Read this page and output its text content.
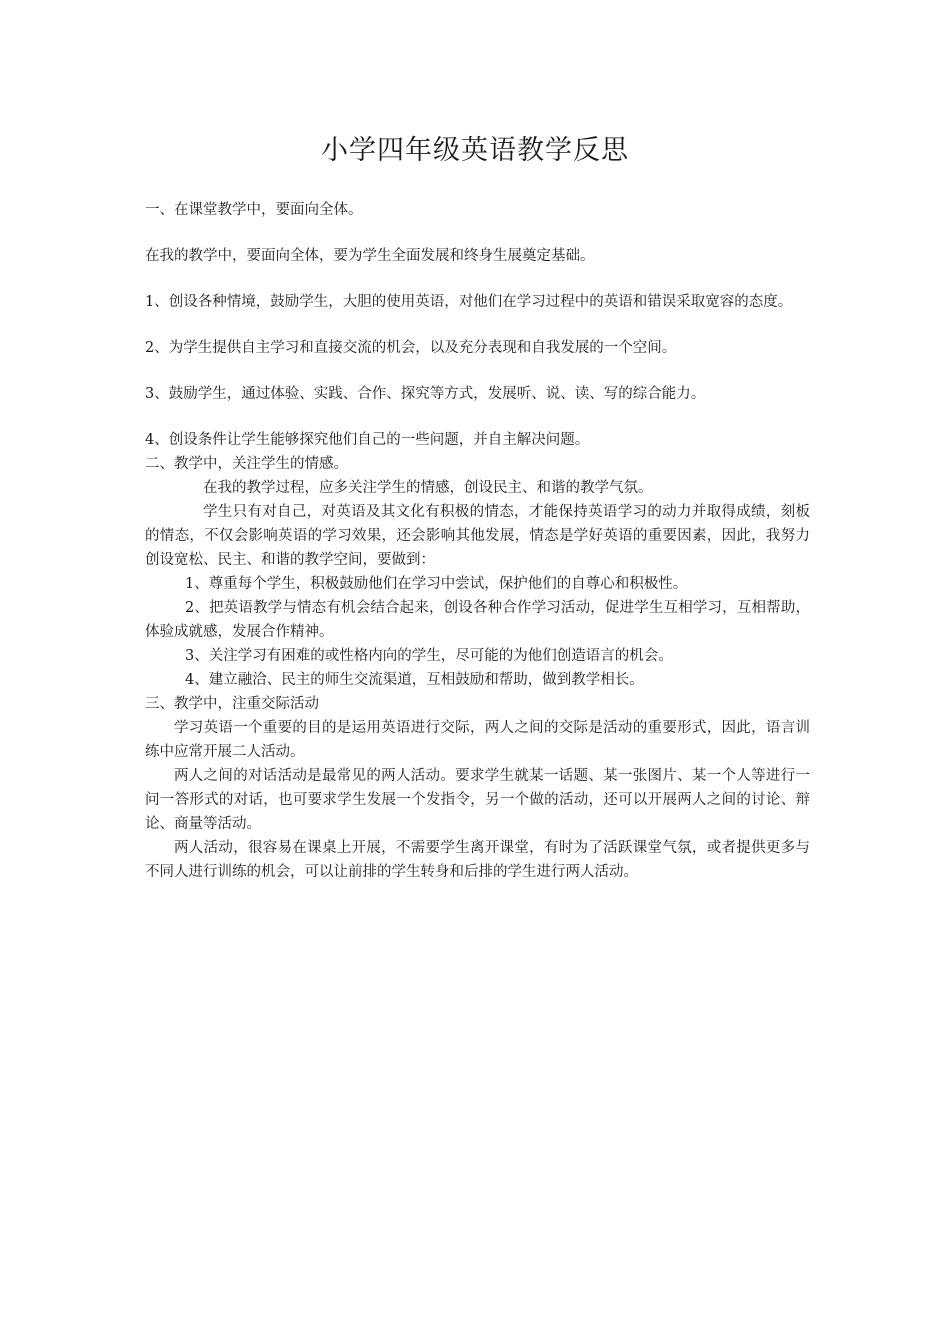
小学四年级英语教学反思

一、在课堂教学中，要面向全体。

在我的教学中，要面向全体，要为学生全面发展和终身生展奠定基础。

1、创设各种情境，鼓励学生，大胆的使用英语，对他们在学习过程中的英语和错误采取宽容的态度。

2、为学生提供自主学习和直接交流的机会，以及充分表现和自我发展的一个空间。

3、鼓励学生，通过体验、实践、合作、探究等方式，发展听、说、读、写的综合能力。

4、创设条件让学生能够探究他们自己的一些问题，并自主解决问题。

二、教学中，关注学生的情感。

在我的教学过程，应多关注学生的情感，创设民主、和谐的教学气氛。

学生只有对自己，对英语及其文化有积极的情态，才能保持英语学习的动力并取得成绩，刻板的情态，不仅会影响英语的学习效果，还会影响其他发展，情态是学好英语的重要因素，因此，我努力创设宽松、民主、和谐的教学空间，要做到：

1、尊重每个学生，积极鼓励他们在学习中尝试，保护他们的自尊心和积极性。

2、把英语教学与情态有机会结合起来，创设各种合作学习活动，促进学生互相学习，互相帮助，体验成就感，发展合作精神。

3、关注学习有困难的或性格内向的学生，尽可能的为他们创造语言的机会。

4、建立融洽、民主的师生交流渠道，互相鼓励和帮助，做到教学相长。

三、教学中，注重交际活动

学习英语一个重要的目的是运用英语进行交际，两人之间的交际是活动的重要形式，因此，语言训练中应常开展二人活动。

两人之间的对话活动是最常见的两人活动。要求学生就某一话题、某一张图片、某一个人等进行一问一答形式的对话，也可要求学生发展一个发指令，另一个做的活动，还可以开展两人之间的讨论、辩论、商量等活动。

两人活动，很容易在课桌上开展，不需要学生离开课堂，有时为了活跃课堂气氛，或者提供更多与不同人进行训练的机会，可以让前排的学生转身和后排的学生进行两人活动。
